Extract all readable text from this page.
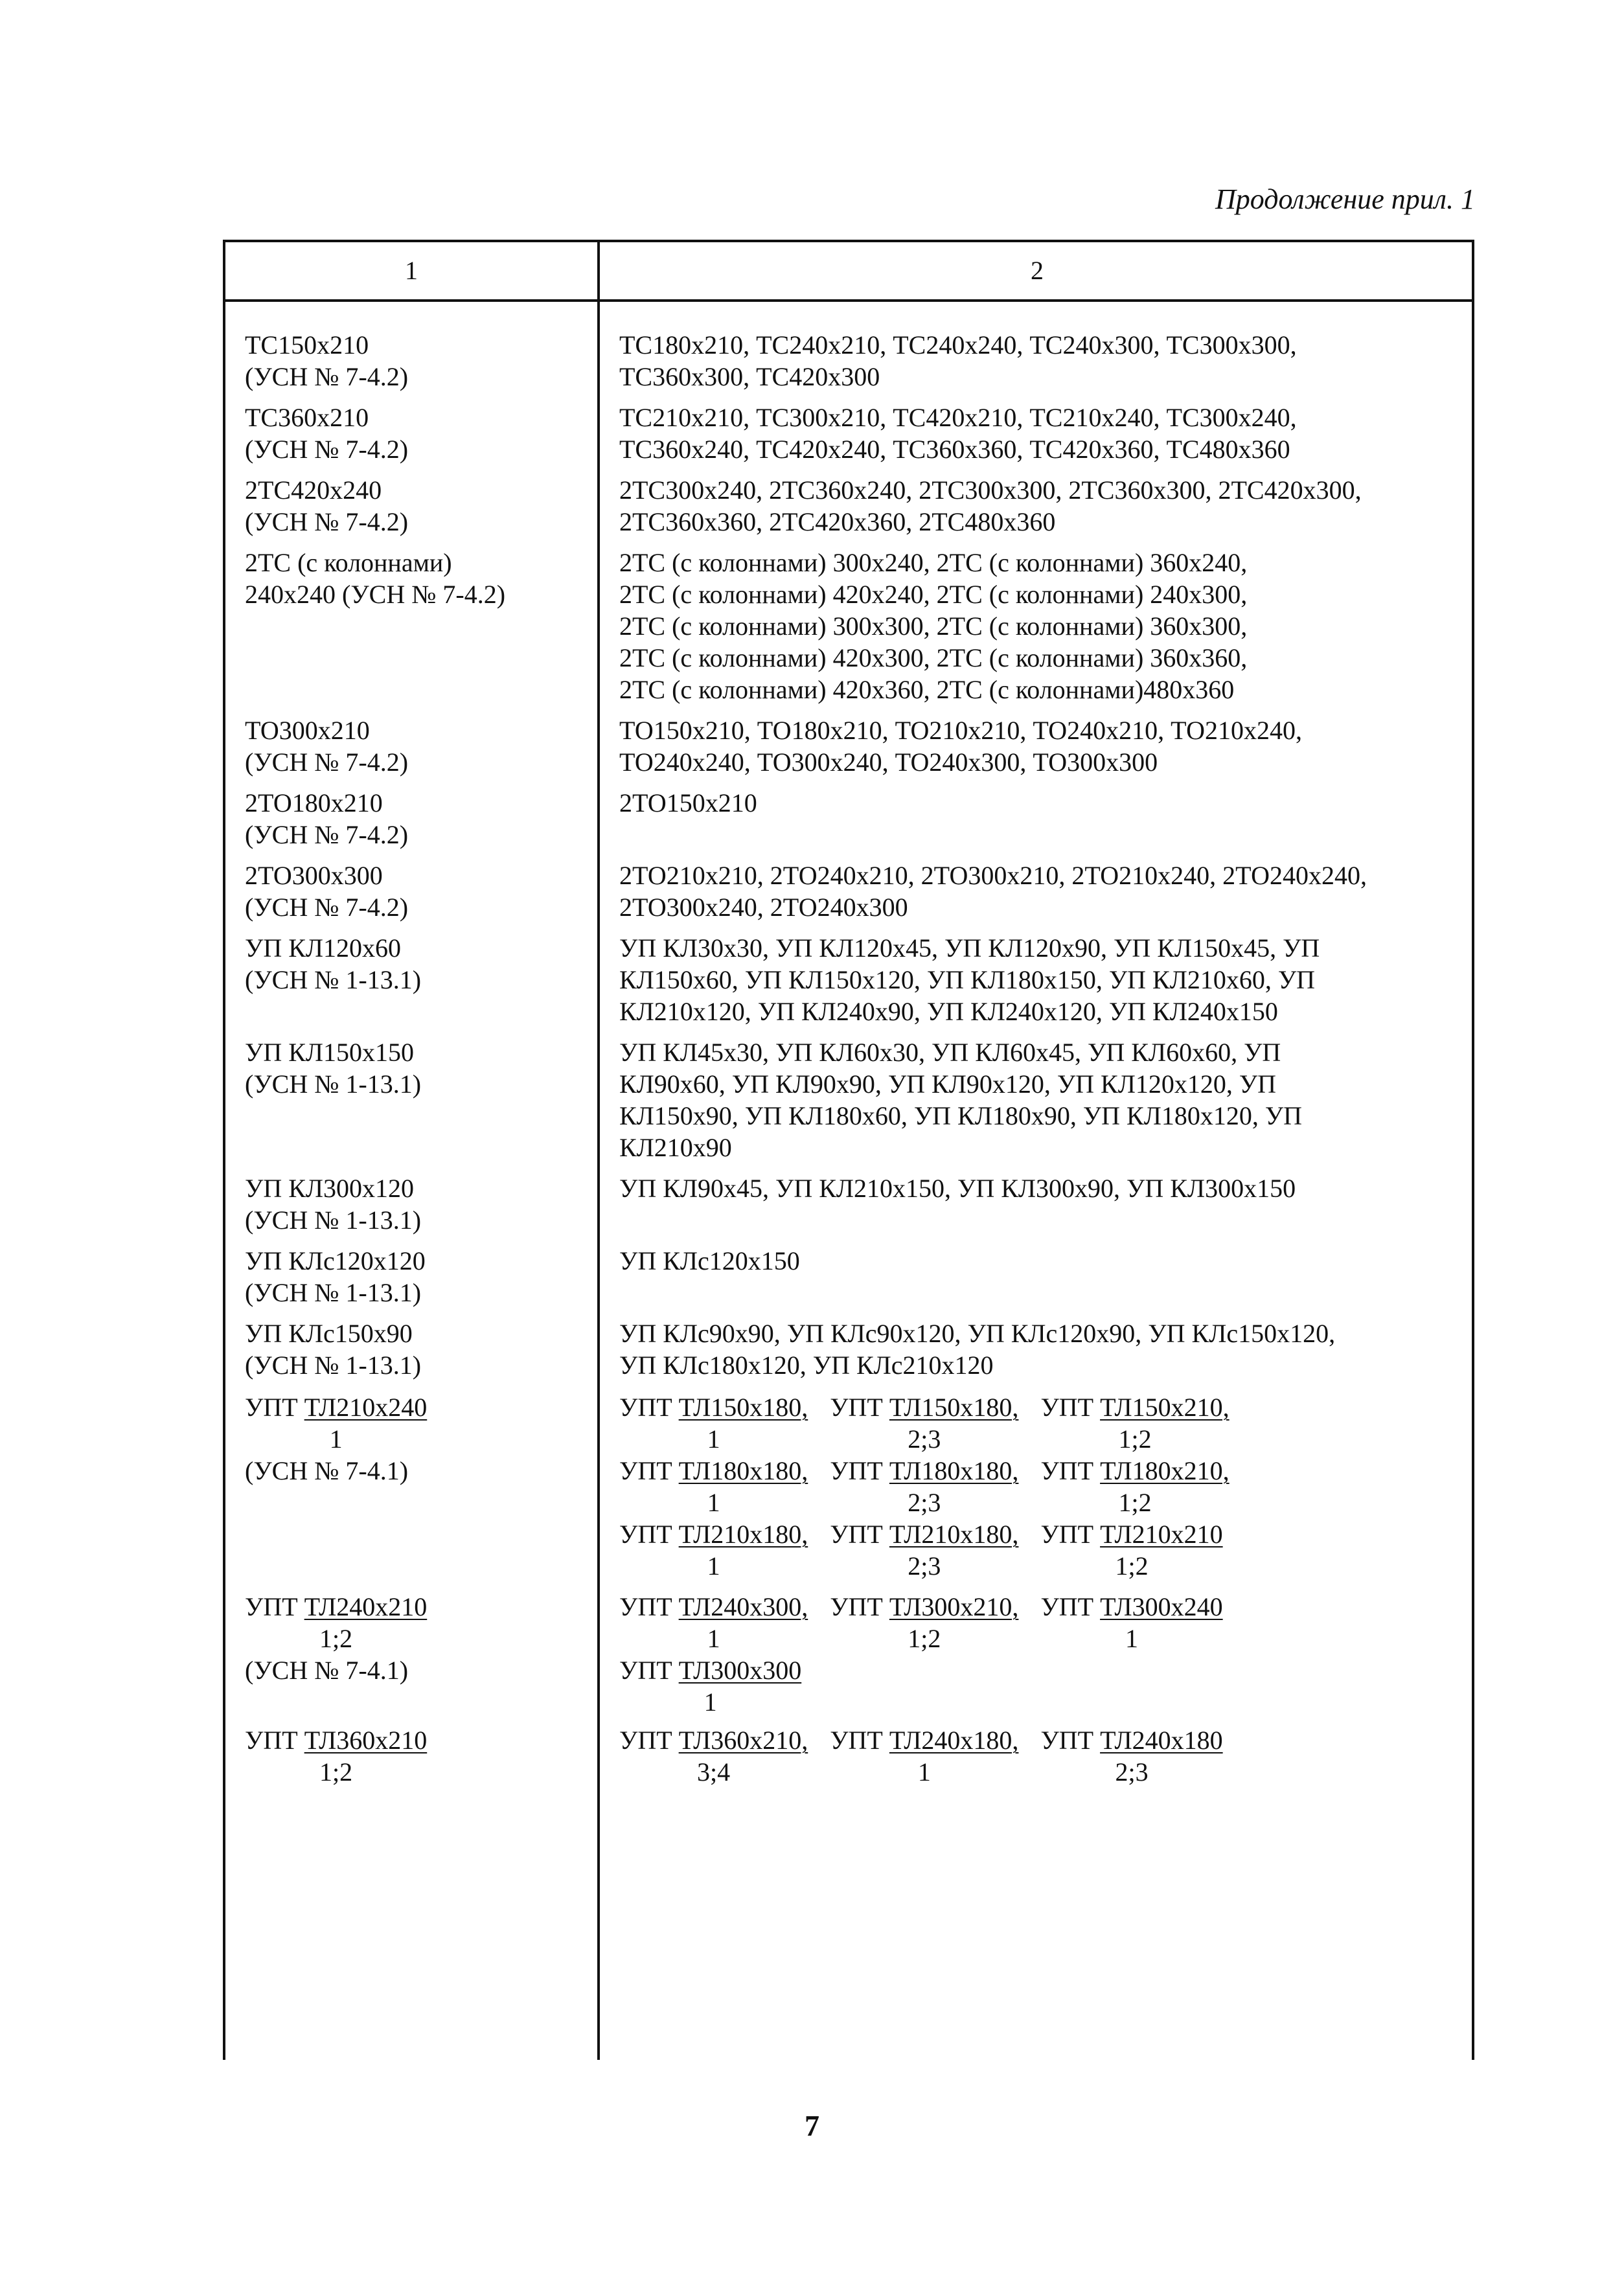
Продолжение прил. 1
1	2
ТС150x210
(УСН № 7-4.2)
ТС180x210, ТС240x210, ТС240x240, ТС240x300, ТС300x300,
ТС360x300, ТС420x300
ТС360x210
(УСН № 7-4.2)
ТС210x210, ТС300x210, ТС420x210, ТС210x240, ТС300x240,
ТС360x240, ТС420x240, ТС360x360, ТС420x360, ТС480x360
2ТС420x240
(УСН № 7-4.2)
2ТС300x240, 2ТС360x240, 2ТС300x300, 2ТС360x300, 2ТС420x300,
2ТС360x360, 2ТС420x360, 2ТС480x360
2ТС (с колоннами)
240x240 (УСН № 7-4.2)
2ТС (с колоннами) 300x240, 2ТС (с колоннами) 360x240,
2ТС (с колоннами) 420x240, 2ТС (с колоннами) 240x300,
2ТС (с колоннами) 300x300, 2ТС (с колоннами) 360x300,
2ТС (с колоннами) 420x300, 2ТС (с колоннами) 360x360,
2ТС (с колоннами) 420x360, 2ТС (с колоннами)480x360
ТО300x210
(УСН № 7-4.2)
ТО150x210, ТО180x210, ТО210x210, ТО240x210, ТО210x240,
ТО240x240, ТО300x240, ТО240x300, ТО300x300
2ТО180x210
(УСН № 7-4.2)
2ТО150x210
2ТО300x300
(УСН № 7-4.2)
2ТО210x210, 2ТО240x210, 2ТО300x210, 2ТО210x240, 2ТО240x240,
2ТО300x240, 2ТО240x300
УП КЛ120x60
(УСН № 1-13.1)
УП КЛ30x30, УП КЛ120x45, УП КЛ120x90, УП КЛ150x45, УП
КЛ150x60, УП КЛ150x120, УП КЛ180x150, УП КЛ210x60, УП
КЛ210x120, УП КЛ240x90, УП КЛ240x120, УП КЛ240x150
УП КЛ150x150
(УСН № 1-13.1)
УП КЛ45x30, УП КЛ60x30, УП КЛ60x45, УП КЛ60x60, УП
КЛ90x60, УП КЛ90x90, УП КЛ90x120, УП КЛ120x120, УП
КЛ150x90, УП КЛ180x60, УП КЛ180x90, УП КЛ180x120, УП
КЛ210x90
УП КЛ300x120
(УСН № 1-13.1)
УП КЛ90x45, УП КЛ210x150, УП КЛ300x90, УП КЛ300x150
УП КЛс120x120
(УСН № 1-13.1)
УП КЛс120x150
УП КЛс150x90
(УСН № 1-13.1)
УП КЛс90x90, УП КЛс90x120, УП КЛс120x90, УП КЛс150x120,
УП КЛс180x120, УП КЛс210x120
УПТ ТЛ210x240
1
(УСН № 7-4.1)
УПТ ТЛ150x180,
1
УПТ ТЛ150x180,
2;3
УПТ ТЛ150x210,
1;2
УПТ ТЛ180x180,
1
УПТ ТЛ180x180,
2;3
УПТ ТЛ180x210,
1;2
УПТ ТЛ210x180,
1
УПТ ТЛ210x180,
2;3
УПТ ТЛ210x210
1;2
УПТ ТЛ240x210
1;2
(УСН № 7-4.1)
УПТ ТЛ240x300,
1
УПТ ТЛ300x210,
1;2
УПТ ТЛ300x240
1
УПТ ТЛ300x300
1
УПТ ТЛ360x210
1;2
УПТ ТЛ360x210,
3;4
УПТ ТЛ240x180,
1
УПТ ТЛ240x180
2;3
7
